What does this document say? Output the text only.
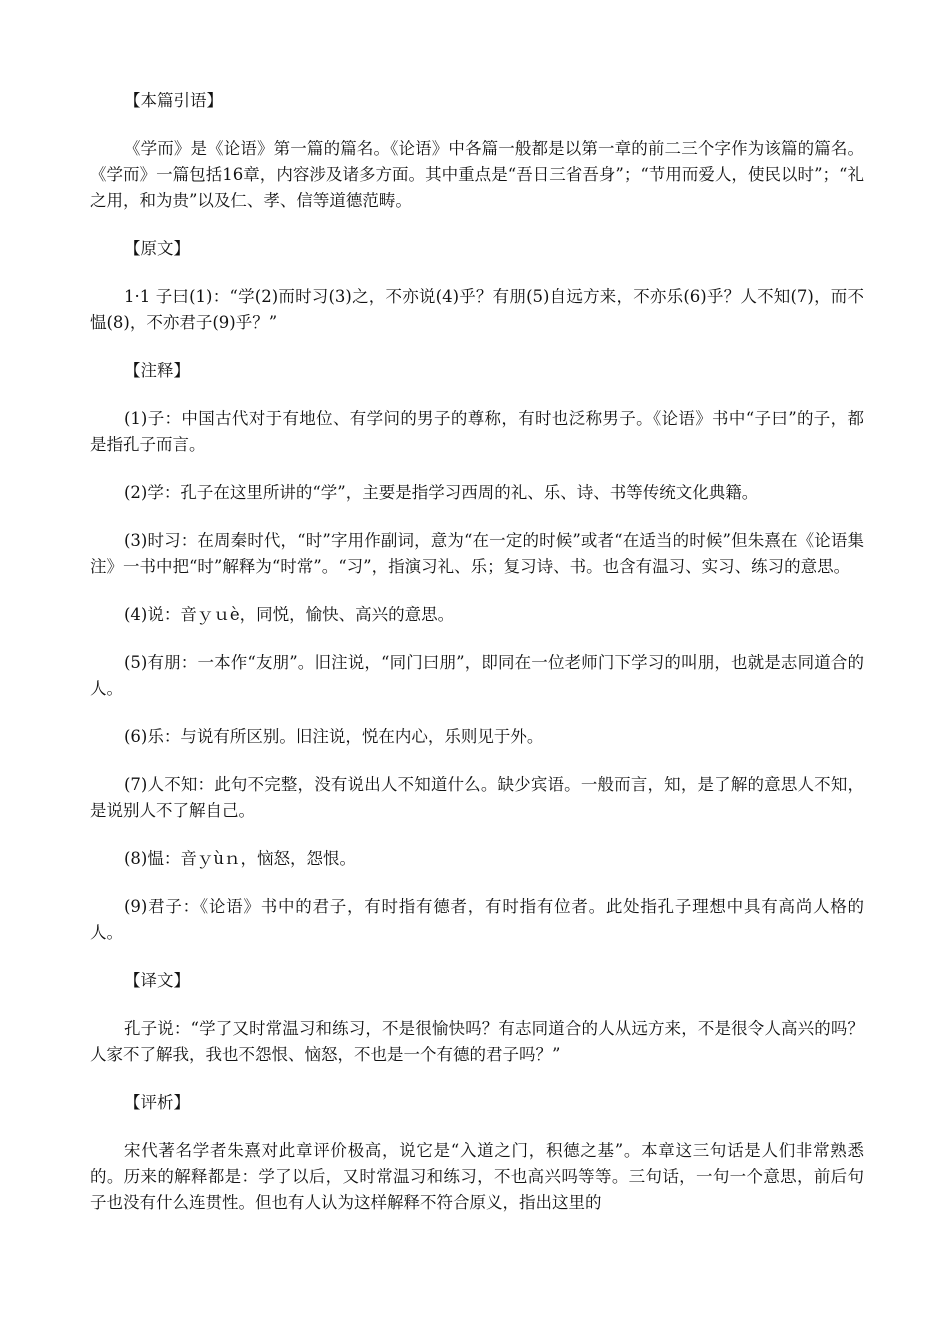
【本篇引语】

《学而》是《论语》第一篇的篇名。《论语》中各篇一般都是以第一章的前二三个字作为该篇的篇名。《学而》一篇包括16章，内容涉及诸多方面。其中重点是“吾日三省吾身”；“节用而爱人，使民以时”；“礼之用，和为贵”以及仁、孝、信等道德范畴。

【原文】

1·1 子曰(1)：“学(2)而时习(3)之，不亦说(4)乎？有朋(5)自远方来，不亦乐(6)乎？人不知(7)，而不愠(8)，不亦君子(9)乎？”

【注释】

(1)子：中国古代对于有地位、有学问的男子的尊称，有时也泛称男子。《论语》书中“子曰”的子，都是指孔子而言。

(2)学：孔子在这里所讲的“学”，主要是指学习西周的礼、乐、诗、书等传统文化典籍。

(3)时习：在周秦时代，“时”字用作副词，意为“在一定的时候”或者“在适当的时候”但朱熹在《论语集注》一书中把“时”解释为“时常”。“习”，指演习礼、乐；复习诗、书。也含有温习、实习、练习的意思。

(4)说：音ｙｕè，同悦，愉快、高兴的意思。

(5)有朋：一本作“友朋”。旧注说，“同门曰朋”，即同在一位老师门下学习的叫朋，也就是志同道合的人。

(6)乐：与说有所区别。旧注说，悦在内心，乐则见于外。

(7)人不知：此句不完整，没有说出人不知道什么。缺少宾语。一般而言，知，是了解的意思人不知，是说别人不了解自己。

(8)愠：音ｙùｎ，恼怒，怨恨。

(9)君子：《论语》书中的君子，有时指有德者，有时指有位者。此处指孔子理想中具有高尚人格的人。

【译文】

孔子说：“学了又时常温习和练习，不是很愉快吗？有志同道合的人从远方来，不是很令人高兴的吗？人家不了解我，我也不怨恨、恼怒，不也是一个有德的君子吗？”

【评析】

宋代著名学者朱熹对此章评价极高，说它是“入道之门，积德之基”。本章这三句话是人们非常熟悉的。历来的解释都是：学了以后，又时常温习和练习，不也高兴吗等等。三句话，一句一个意思，前后句子也没有什么连贯性。但也有人认为这样解释不符合原义，指出这里的
